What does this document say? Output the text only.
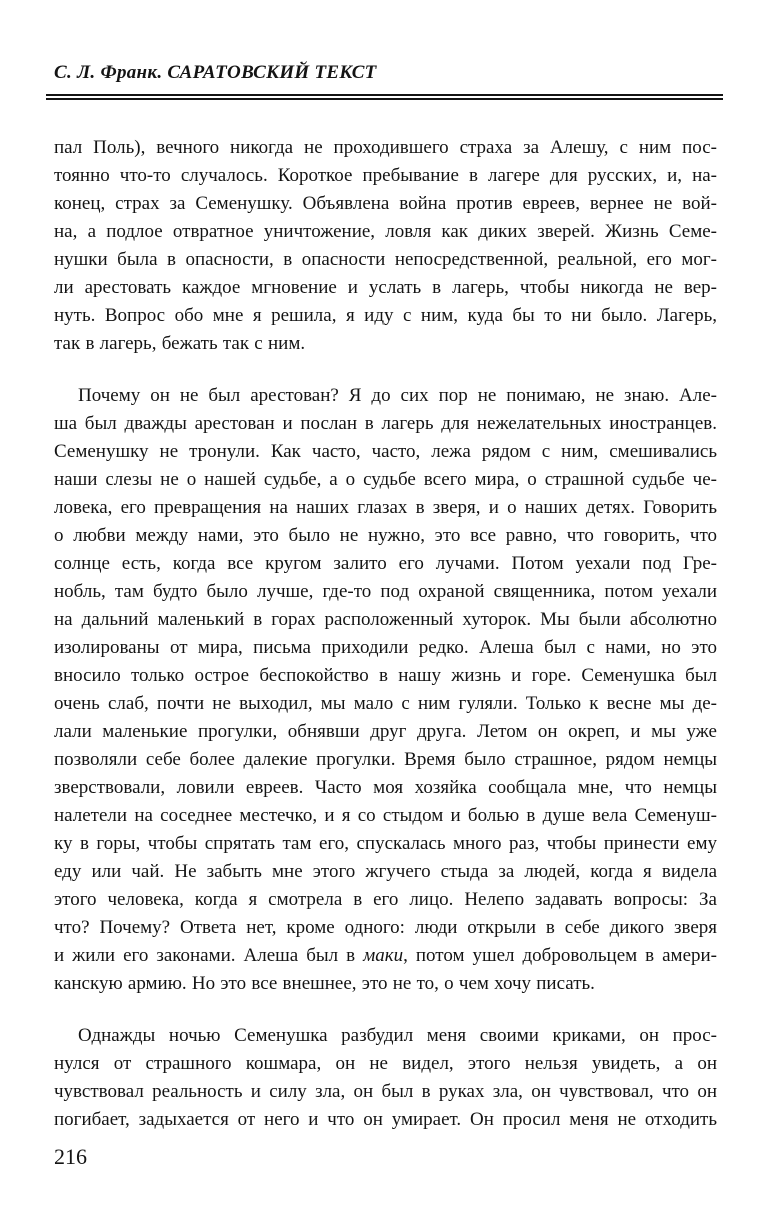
С. Л. Франк. САРАТОВСКИЙ ТЕКСТ
пал Поль), вечного никогда не проходившего страха за Алешу, с ним пос-
тоянно что-то случалось. Короткое пребывание в лагере для русских, и, на-
конец, страх за Семенушку. Объявлена война против евреев, вернее не вой-
на, а подлое отвратное уничтожение, ловля как диких зверей. Жизнь Семе-
нушки была в опасности, в опасности непосредственной, реальной, его мог-
ли арестовать каждое мгновение и услать в лагерь, чтобы никогда не вер-
нуть. Вопрос обо мне я решила, я иду с ним, куда бы то ни было. Лагерь,
так в лагерь, бежать так с ним.
Почему он не был арестован? Я до сих пор не понимаю, не знаю. Але-
ша был дважды арестован и послан в лагерь для нежелательных иностранцев.
Семенушку не тронули. Как часто, часто, лежа рядом с ним, смешивались
наши слезы не о нашей судьбе, а о судьбе всего мира, о страшной судьбе че-
ловека, его превращения на наших глазах в зверя, и о наших детях. Говорить
о любви между нами, это было не нужно, это все равно, что говорить, что
солнце есть, когда все кругом залито его лучами. Потом уехали под Гре-
нобль, там будто было лучше, где-то под охраной священника, потом уехали
на дальний маленький в горах расположенный хуторок. Мы были абсолютно
изолированы от мира, письма приходили редко. Алеша был с нами, но это
вносило только острое беспокойство в нашу жизнь и горе. Семенушка был
очень слаб, почти не выходил, мы мало с ним гуляли. Только к весне мы де-
лали маленькие прогулки, обнявши друг друга. Летом он окреп, и мы уже
позволяли себе более далекие прогулки. Время было страшное, рядом немцы
зверствовали, ловили евреев. Часто моя хозяйка сообщала мне, что немцы
налетели на соседнее местечко, и я со стыдом и болью в душе вела Семенуш-
ку в горы, чтобы спрятать там его, спускалась много раз, чтобы принести ему
еду или чай. Не забыть мне этого жгучего стыда за людей, когда я видела
этого человека, когда я смотрела в его лицо. Нелепо задавать вопросы: За
что? Почему? Ответа нет, кроме одного: люди открыли в себе дикого зверя
и жили его законами. Алеша был в маки, потом ушел добровольцем в амери-
канскую армию. Но это все внешнее, это не то, о чем хочу писать.
Однажды ночью Семенушка разбудил меня своими криками, он прос-
нулся от страшного кошмара, он не видел, этого нельзя увидеть, а он
чувствовал реальность и силу зла, он был в руках зла, он чувствовал, что он
погибает, задыхается от него и что он умирает. Он просил меня не отходить
216
